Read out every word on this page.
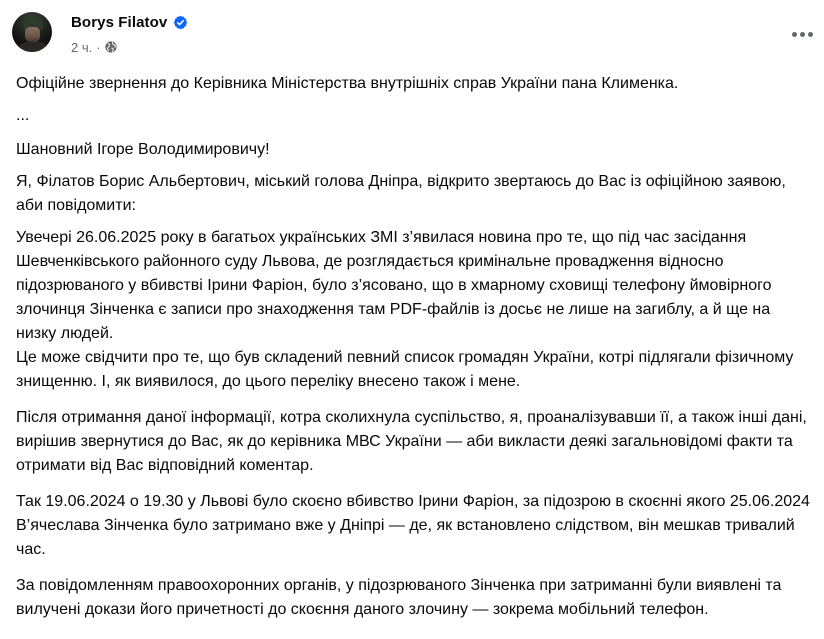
Borys Filatov
2 ч. ·

Офіційне звернення до Керівника Міністерства внутрішніх справ України пана Клименка.

...

Шановний Ігоре Володимировичу!

Я, Філатов Борис Альбертович, міський голова Дніпра, відкрито звертаюсь до Вас із офіційною заявою, аби повідомити:

Увечері 26.06.2025 року в багатьох українських ЗМІ з’явилася новина про те, що під час засідання Шевченківського районного суду Львова, де розглядається кримінальне провадження відносно підозрюваного у вбивстві Ірини Фаріон, було з’ясовано, що в хмарному сховищі телефону ймовірного злочинця Зінченка є записи про знаходження там PDF-файлів із досьє не лише на загиблу, а й ще на низку людей.

Це може свідчити про те, що був складений певний список громадян України, котрі підлягали фізичному знищенню. І, як виявилося, до цього переліку внесено також і мене.

Після отримання даної інформації, котра сколихнула суспільство, я, проаналізувавши її, а також інші дані, вирішив звернутися до Вас, як до керівника МВС України — аби викласти деякі загальновідомі факти та отримати від Вас відповідний коментар.

Так 19.06.2024 о 19.30 у Львові було скоєно вбивство Ірини Фаріон, за підозрою в скоєнні якого 25.06.2024 В’ячеслава Зінченка було затримано вже у Дніпрі — де, як встановлено слідством, він мешкав тривалий час.

За повідомленням правоохоронних органів, у підозрюваного Зінченка при затриманні були виявлені та вилучені докази його причетності до скоєння даного злочину — зокрема мобільний телефон.
